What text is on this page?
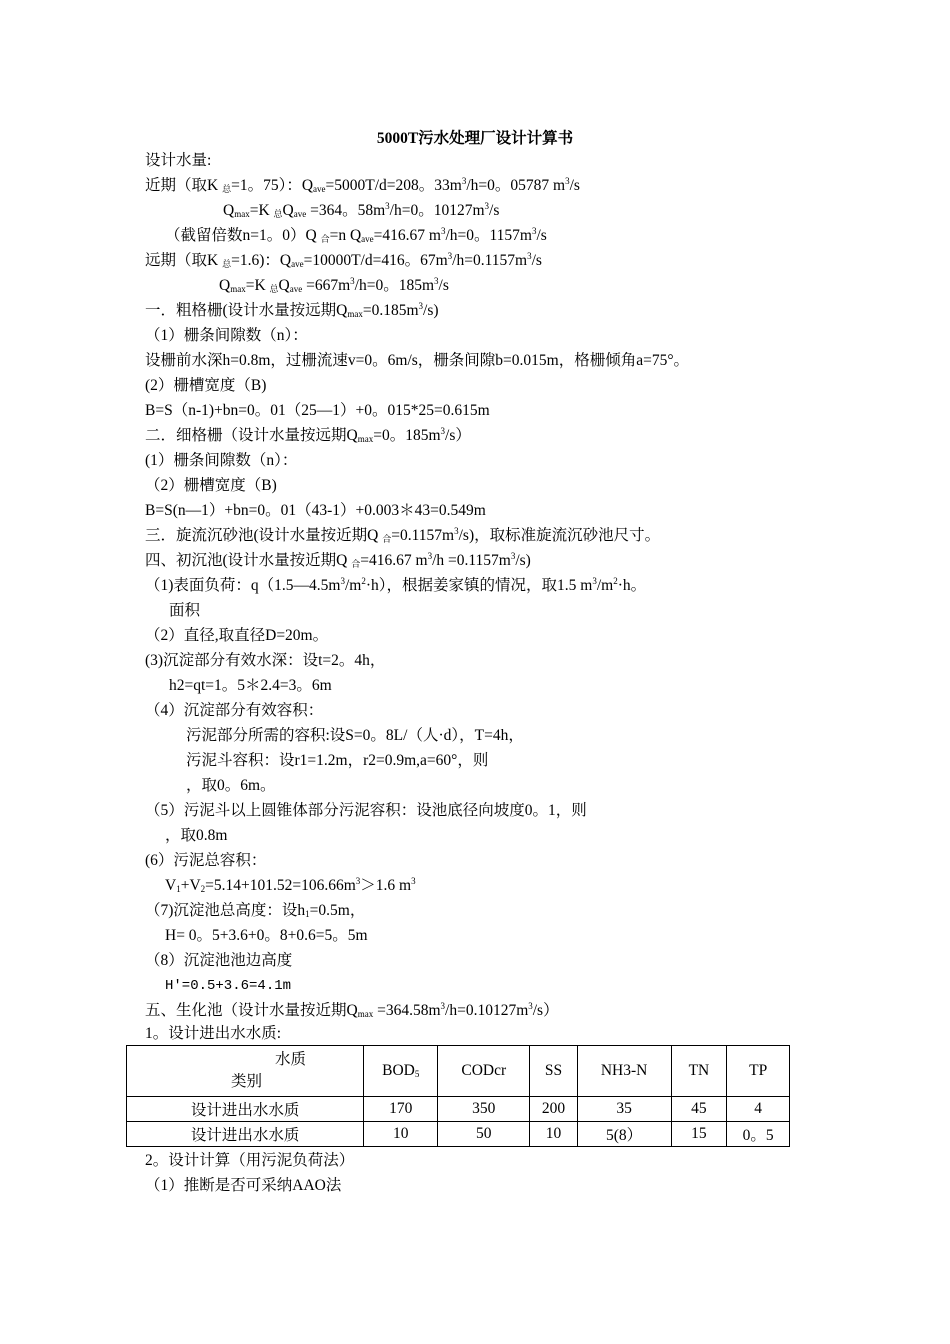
5000T污水处理厂设计计算书
设计水量:
近期（取K $_总$=1。75）：$Q_{ave}=5000T/d=208$。$33m^3/h=0$。05787 $m^3/s$
$Q_{max}=K$ $_总Q_{ave} =364$。$58m^3/h=0$。$10127m^3/s$
（截留倍数n=1。0）Q $_合$=n $Q_{ave}=416.67$ $m^3/h=0$。$1157m^3/s$
远期（取K $_总$=1.6)：$Q_{ave}=10000T/d=416$。$67m^3/h=0.1157m^3/s$
$Q_{max}=K$ $_总Q_{ave} =667m^3/h=0$。$185m^3/s$
一．粗格栅(设计水量按远期$Q_{max}=0.185m^3/s$)
（1）栅条间隙数（n）：
设栅前水深h=0.8m，过栅流速v=0。6m/s，栅条间隙b=0.015m，格栅倾角a=75°。
(2）栅槽宽度（B)
B=S（n-1)+bn=0。01（25—1）+0。015*25=0.615m
二．细格栅（设计水量按远期$Q_{max}=0$。$185m^3/s$）
(1）栅条间隙数（n）：
（2）栅槽宽度（B)
B=S(n—1）+bn=0。01（43-1）+0.003＊43=0.549m
三．旋流沉砂池(设计水量按近期Q $_合=0.1157m^3/s$)，取标准旋流沉砂池尺寸。
四、初沉池(设计水量按近期Q $_合$=416.67 $m^3/h =0.1157m^3/s$)
（1)表面负荷：$q(1.5—4.5m^3/m^2\cdot h)$，根据姜家镇的情况，取1.5 $m^3/m^2\cdot h$。
面积
（2）直径,取直径D=20m。
(3)沉淀部分有效水深：设t=2。4h，
h2=qt=1。5＊2.4=3。6m
（4）沉淀部分有效容积：
污泥部分所需的容积:设S=0。8L/（人·d），T=4h，
污泥斗容积：设r1=1.2m，r2=0.9m,a=60°，则
，取0。6m。
（5）污泥斗以上圆锥体部分污泥容积：设池底径向坡度0。1，则
，取0.8m
(6）污泥总容积：
$V_1+V_2=5.14+101.52=106.66m^3>1.6$ $m^3$
（7)沉淀池总高度：设$h_1=0.5m$，
H= 0。5+3.6+0。8+0.6=5。5m
（8）沉淀池池边高度
H′=0.5+3.6=4.1m
五、生化池（设计水量按近期$Q_{max} =364.58m^3/h=0.10127m^3/s$）
1。设计进出水水质:
水质
类别	$BOD_5$	CODcr	SS	NH3-N	TN	TP
设计进出水水质	170	350	200	35	45	4
设计进出水水质	10	50	10	5(8）	15	0。5
2。设计计算（用污泥负荷法）
（1）推断是否可采纳AAO法
